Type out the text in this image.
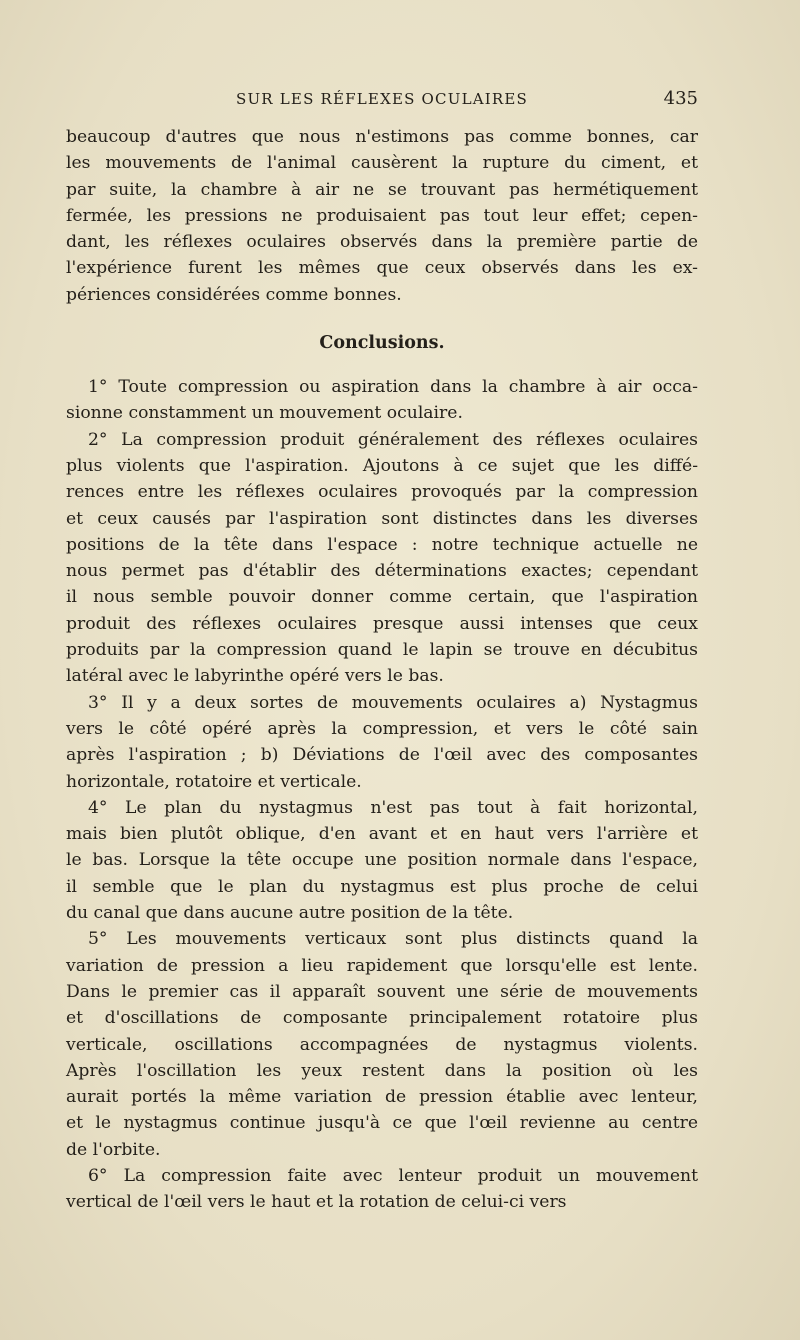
SUR LES RÉFLEXES OCULAIRES	435
beaucoup d'autres que nous n'estimons pas comme bonnes, car
les mouvements de l'animal causèrent la rupture du ciment, et
par suite, la chambre à air ne se trouvant pas hermétiquement
fermée, les pressions ne produisaient pas tout leur effet; cepen-
dant, les réflexes oculaires observés dans la première partie de
l'expérience furent les mêmes que ceux observés dans les ex-
périences considérées comme bonnes.
Conclusions.
1° Toute compression ou aspiration dans la chambre à air occa-
sionne constamment un mouvement oculaire.
2° La compression produit généralement des réflexes oculaires
plus violents que l'aspiration. Ajoutons à ce sujet que les diffé-
rences entre les réflexes oculaires provoqués par la compression
et ceux causés par l'aspiration sont distinctes dans les diverses
positions de la tête dans l'espace : notre technique actuelle ne
nous permet pas d'établir des déterminations exactes; cependant
il nous semble pouvoir donner comme certain, que l'aspiration
produit des réflexes oculaires presque aussi intenses que ceux
produits par la compression quand le lapin se trouve en décubitus
latéral avec le labyrinthe opéré vers le bas.
3° Il y a deux sortes de mouvements oculaires a) Nystagmus
vers le côté opéré après la compression, et vers le côté sain
après l'aspiration ; b) Déviations de l'œil avec des composantes
horizontale, rotatoire et verticale.
4° Le plan du nystagmus n'est pas tout à fait horizontal,
mais bien plutôt oblique, d'en avant et en haut vers l'arrière et
le bas. Lorsque la tête occupe une position normale dans l'espace,
il semble que le plan du nystagmus est plus proche de celui
du canal que dans aucune autre position de la tête.
5° Les mouvements verticaux sont plus distincts quand la
variation de pression a lieu rapidement que lorsqu'elle est lente.
Dans le premier cas il apparaît souvent une série de mouvements
et d'oscillations de composante principalement rotatoire plus
verticale, oscillations accompagnées de nystagmus violents.
Après l'oscillation les yeux restent dans la position où les
aurait portés la même variation de pression établie avec lenteur,
et le nystagmus continue jusqu'à ce que l'œil revienne au centre
de l'orbite.
6° La compression faite avec lenteur produit un mouvement
vertical de l'œil vers le haut et la rotation de celui-ci vers
